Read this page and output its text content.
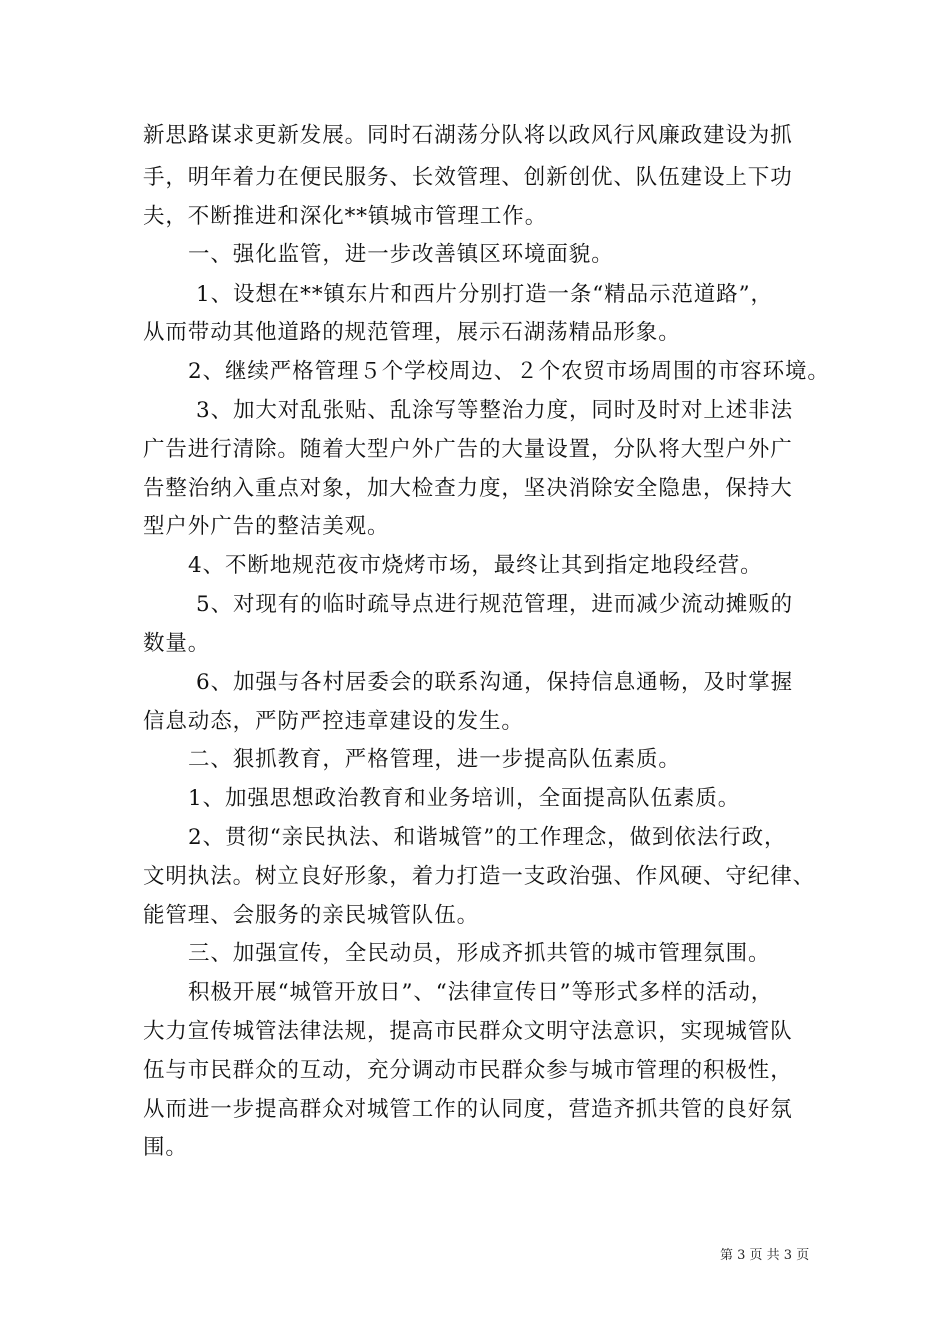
新思路谋求更新发展。同时石湖荡分队将以政风行风廉政建设为抓
手，明年着力在便民服务、长效管理、创新创优、队伍建设上下功
夫，不断推进和深化**镇城市管理工作。
一、强化监管，进一步改善镇区环境面貌。
1、设想在**镇东片和西片分别打造一条“精品示范道路”，
从而带动其他道路的规范管理，展示石湖荡精品形象。
2、继续严格管理５个学校周边、２个农贸市场周围的市容环境。
3、加大对乱张贴、乱涂写等整治力度，同时及时对上述非法
广告进行清除。随着大型户外广告的大量设置，分队将大型户外广
告整治纳入重点对象，加大检查力度，坚决消除安全隐患，保持大
型户外广告的整洁美观。
4、不断地规范夜市烧烤市场，最终让其到指定地段经营。
5、对现有的临时疏导点进行规范管理，进而减少流动摊贩的
数量。
6、加强与各村居委会的联系沟通，保持信息通畅，及时掌握
信息动态，严防严控违章建设的发生。
二、狠抓教育，严格管理，进一步提高队伍素质。
1、加强思想政治教育和业务培训，全面提高队伍素质。
2、贯彻“亲民执法、和谐城管”的工作理念，做到依法行政，
文明执法。树立良好形象，着力打造一支政治强、作风硬、守纪律、
能管理、会服务的亲民城管队伍。
三、加强宣传，全民动员，形成齐抓共管的城市管理氛围。
积极开展“城管开放日”、“法律宣传日”等形式多样的活动，
大力宣传城管法律法规，提高市民群众文明守法意识，实现城管队
伍与市民群众的互动，充分调动市民群众参与城市管理的积极性，
从而进一步提高群众对城管工作的认同度，营造齐抓共管的良好氛
围。
第 3 页 共 3 页
